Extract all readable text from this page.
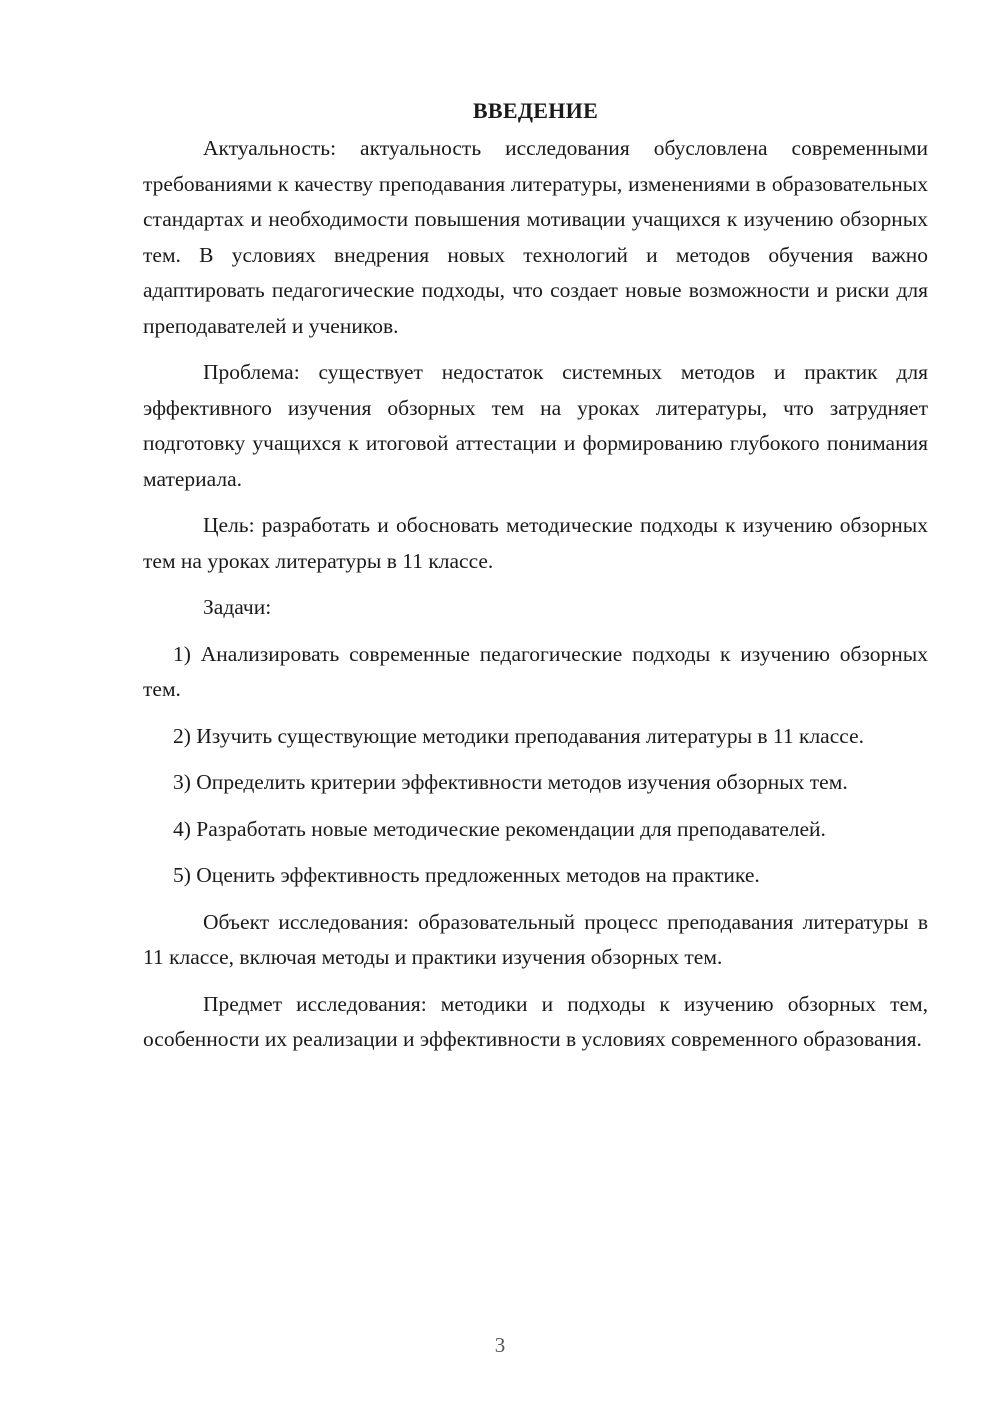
ВВЕДЕНИЕ

Актуальность: актуальность исследования обусловлена современными требованиями к качеству преподавания литературы, изменениями в образовательных стандартах и необходимости повышения мотивации учащихся к изучению обзорных тем. В условиях внедрения новых технологий и методов обучения важно адаптировать педагогические подходы, что создает новые возможности и риски для преподавателей и учеников.

Проблема: существует недостаток системных методов и практик для эффективного изучения обзорных тем на уроках литературы, что затрудняет подготовку учащихся к итоговой аттестации и формированию глубокого понимания материала.

Цель: разработать и обосновать методические подходы к изучению обзорных тем на уроках литературы в 11 классе.

Задачи:

1) Анализировать современные педагогические подходы к изучению обзорных тем.

2) Изучить существующие методики преподавания литературы в 11 классе.

3) Определить критерии эффективности методов изучения обзорных тем.

4) Разработать новые методические рекомендации для преподавателей.

5) Оценить эффективность предложенных методов на практике.

Объект исследования: образовательный процесс преподавания литературы в 11 классе, включая методы и практики изучения обзорных тем.

Предмет исследования: методики и подходы к изучению обзорных тем, особенности их реализации и эффективности в условиях современного образования.

3
